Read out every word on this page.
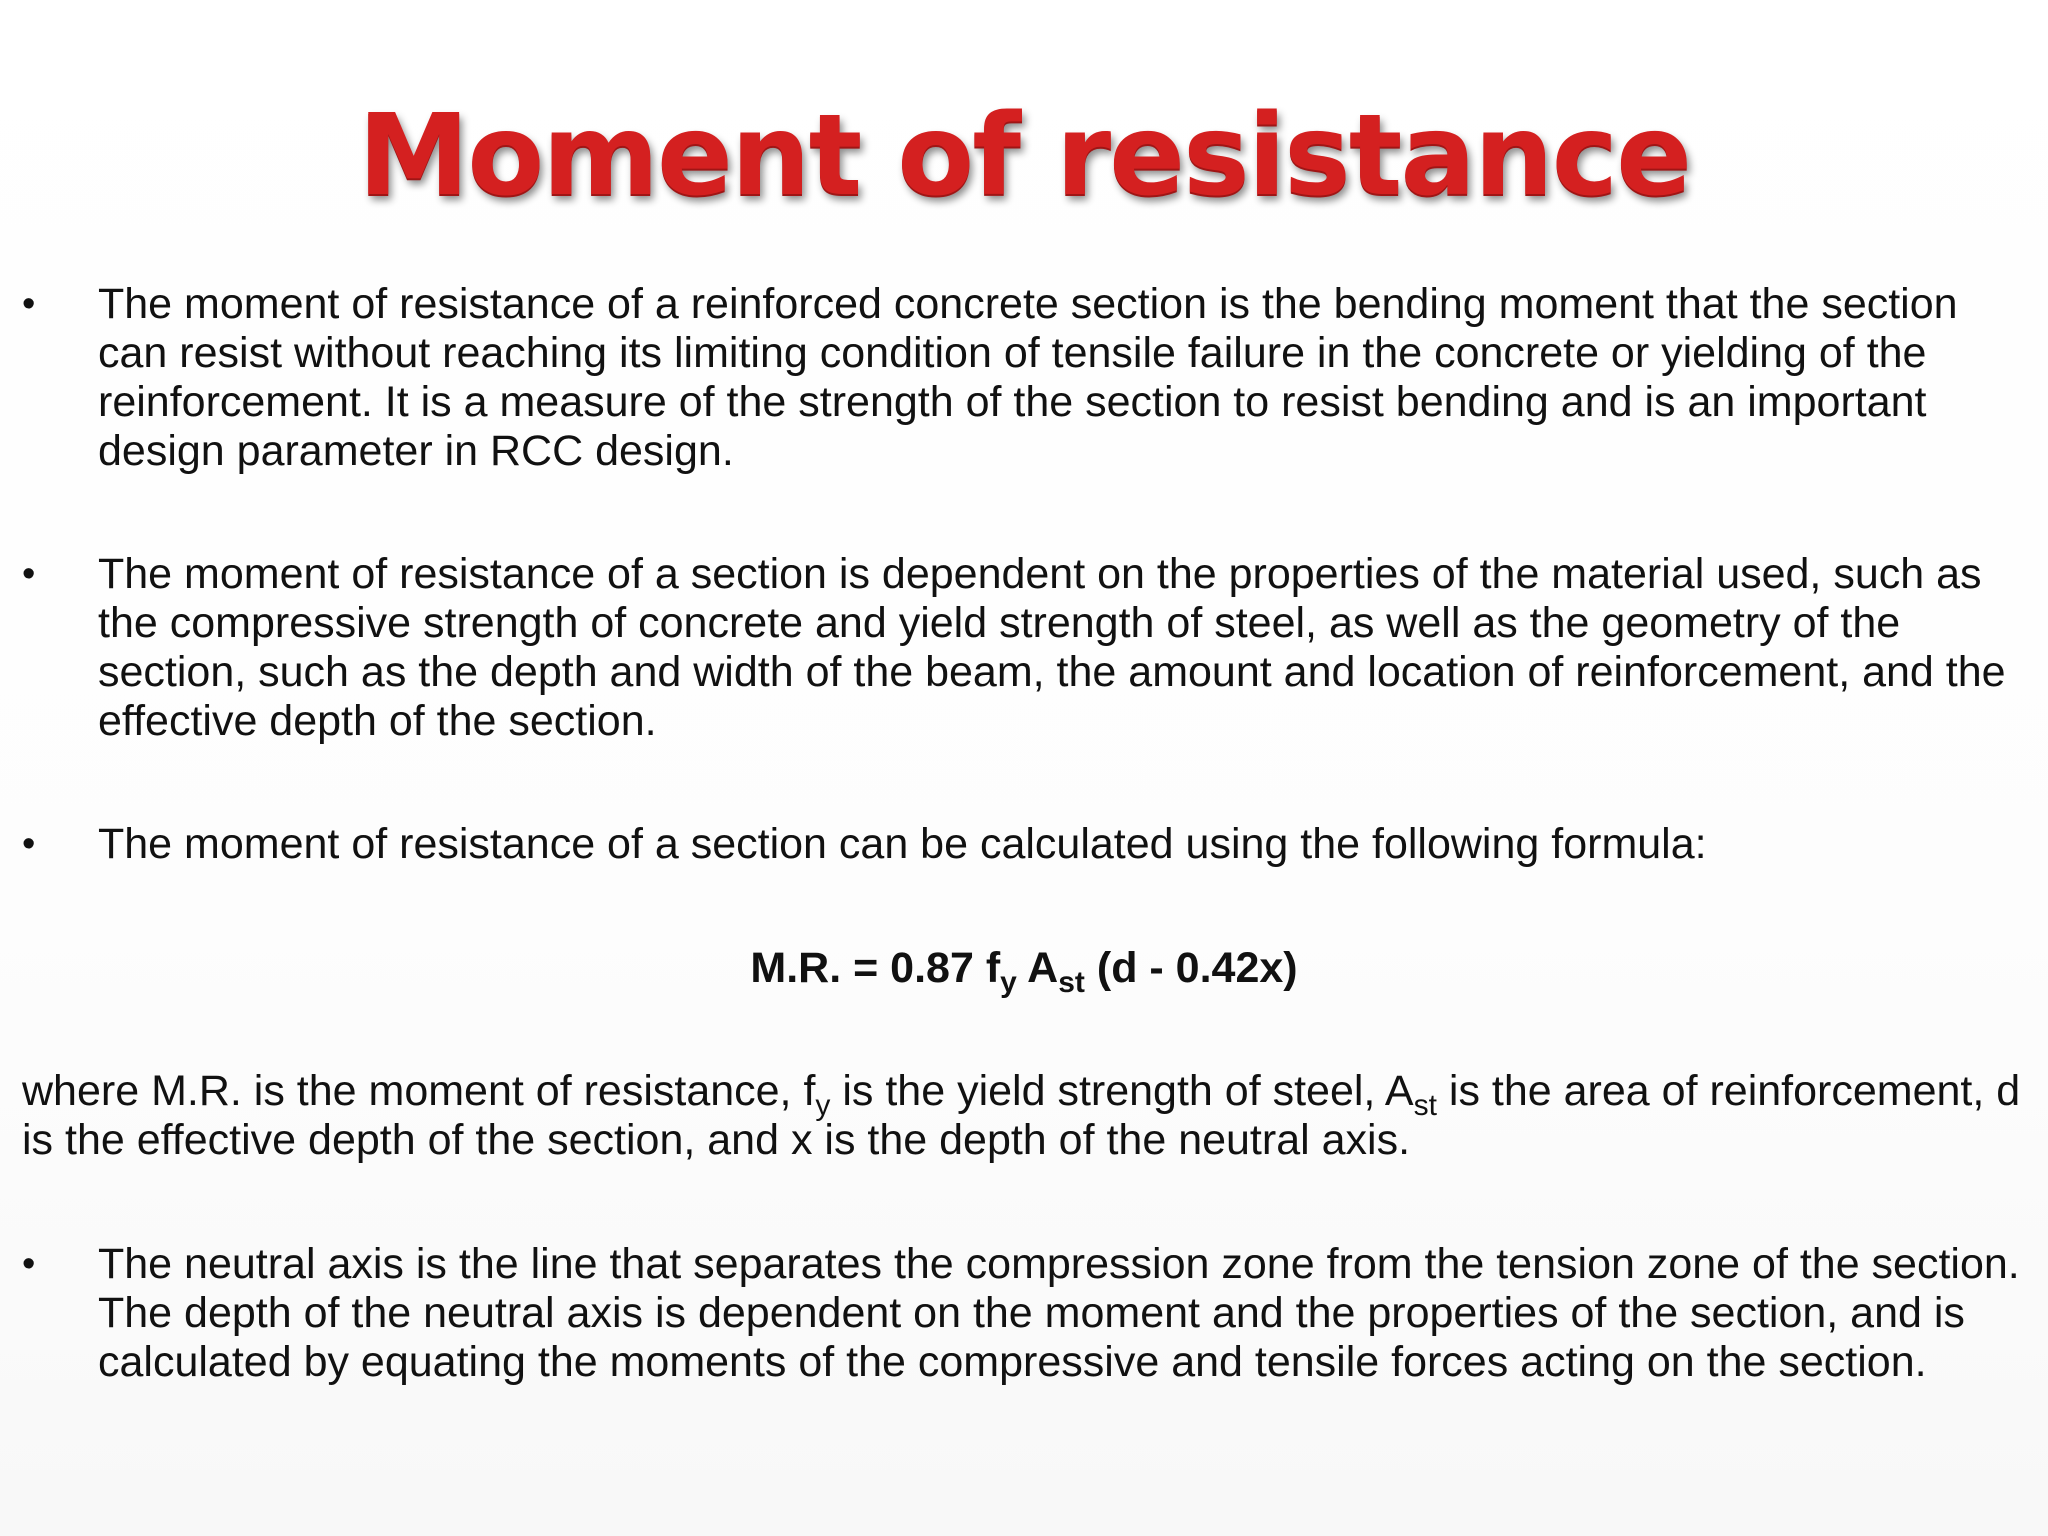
Moment of resistance
• The moment of resistance of a reinforced concrete section is the bending moment that the section can resist without reaching its limiting condition of tensile failure in the concrete or yielding of the reinforcement. It is a measure of the strength of the section to resist bending and is an important design parameter in RCC design.
• The moment of resistance of a section is dependent on the properties of the material used, such as the compressive strength of concrete and yield strength of steel, as well as the geometry of the section, such as the depth and width of the beam, the amount and location of reinforcement, and the effective depth of the section.
• The moment of resistance of a section can be calculated using the following formula:
M.R. = 0.87 $f_y$ $A_{st}$ (d - 0.42x)
where M.R. is the moment of resistance, $f_y$ is the yield strength of steel, $A_{st}$ is the area of reinforcement, d is the effective depth of the section, and x is the depth of the neutral axis.
• The neutral axis is the line that separates the compression zone from the tension zone of the section. The depth of the neutral axis is dependent on the moment and the properties of the section, and is calculated by equating the moments of the compressive and tensile forces acting on the section.
